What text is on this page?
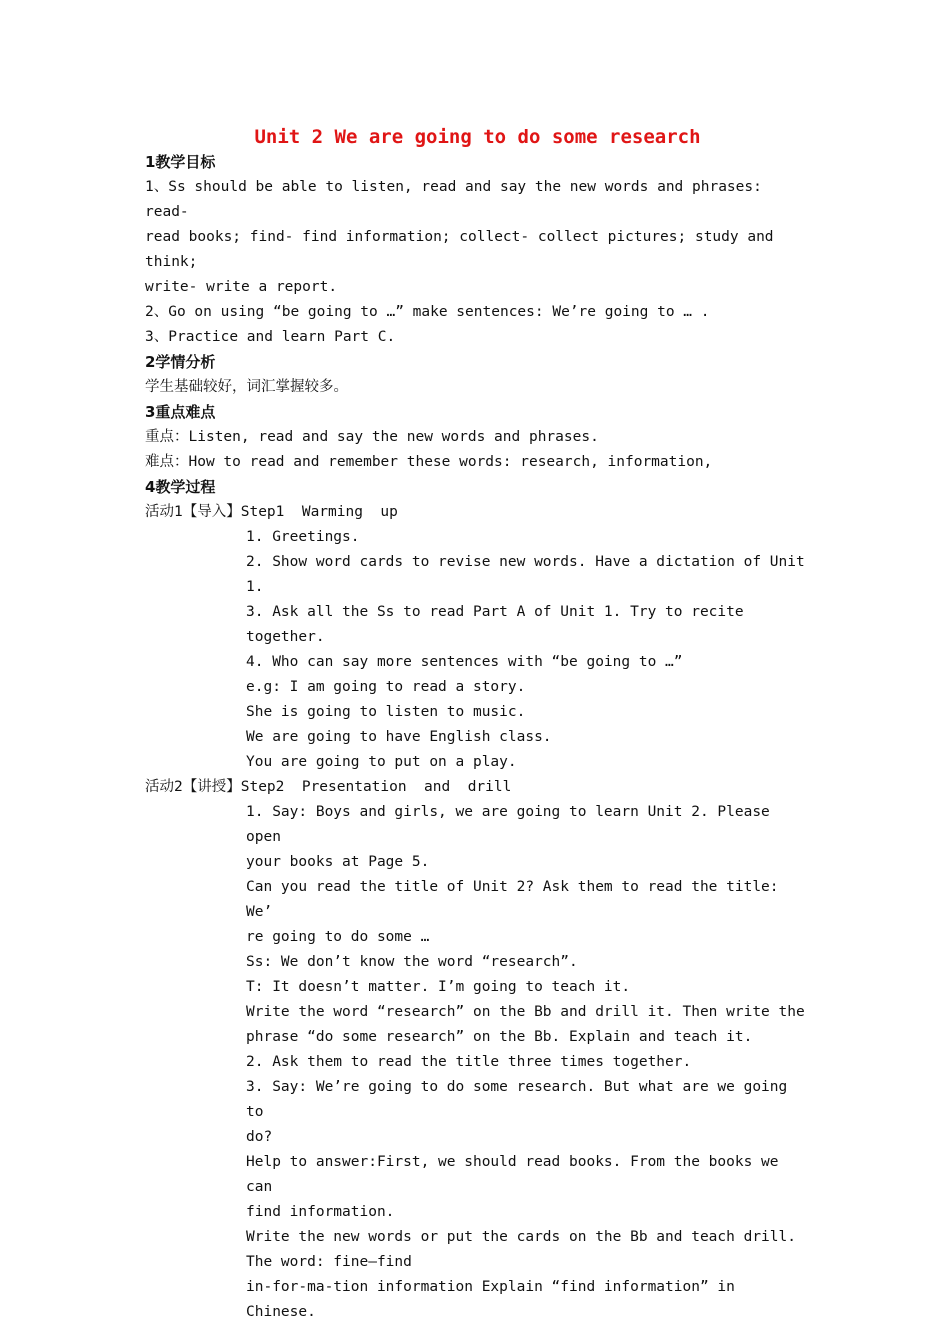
Unit 2 We are going to do some research
1教学目标
1、Ss should be able to listen, read and say the new words and phrases: read-
read books; find- find information; collect- collect pictures; study and think;
write- write a report.
2、Go on using “be going to …” make sentences: We’re going to … .
3、Practice and learn Part C.
2学情分析
学生基础较好，词汇掌握较多。
3重点难点
重点：Listen, read and say the new words and phrases.
难点：How to read and remember these words: research, information,
4教学过程
活动1【导入】Step1  Warming  up
1. Greetings.
2. Show word cards to revise new words. Have a dictation of Unit
1.
3. Ask all the Ss to read Part A of Unit 1. Try to recite
together.
4. Who can say more sentences with “be going to …”
e.g: I am going to read a story.
She is going to listen to music.
We are going to have English class.
You are going to put on a play.
活动2【讲授】Step2  Presentation  and  drill
1. Say: Boys and girls, we are going to learn Unit 2. Please open
your books at Page 5.
Can you read the title of Unit 2? Ask them to read the title: We’
re going to do some …
Ss: We don’t know the word “research”.
T: It doesn’t matter. I’m going to teach it.
Write the word “research” on the Bb and drill it. Then write the
phrase “do some research” on the Bb. Explain and teach it.
2. Ask them to read the title three times together.
3. Say: We’re going to do some research. But what are we going to
do?
Help to answer:First, we should read books. From the books we can
find information.
Write the new words or put the cards on the Bb and teach drill.
The word: fine—find
in-for-ma-tion information Explain “find information” in
Chinese.
